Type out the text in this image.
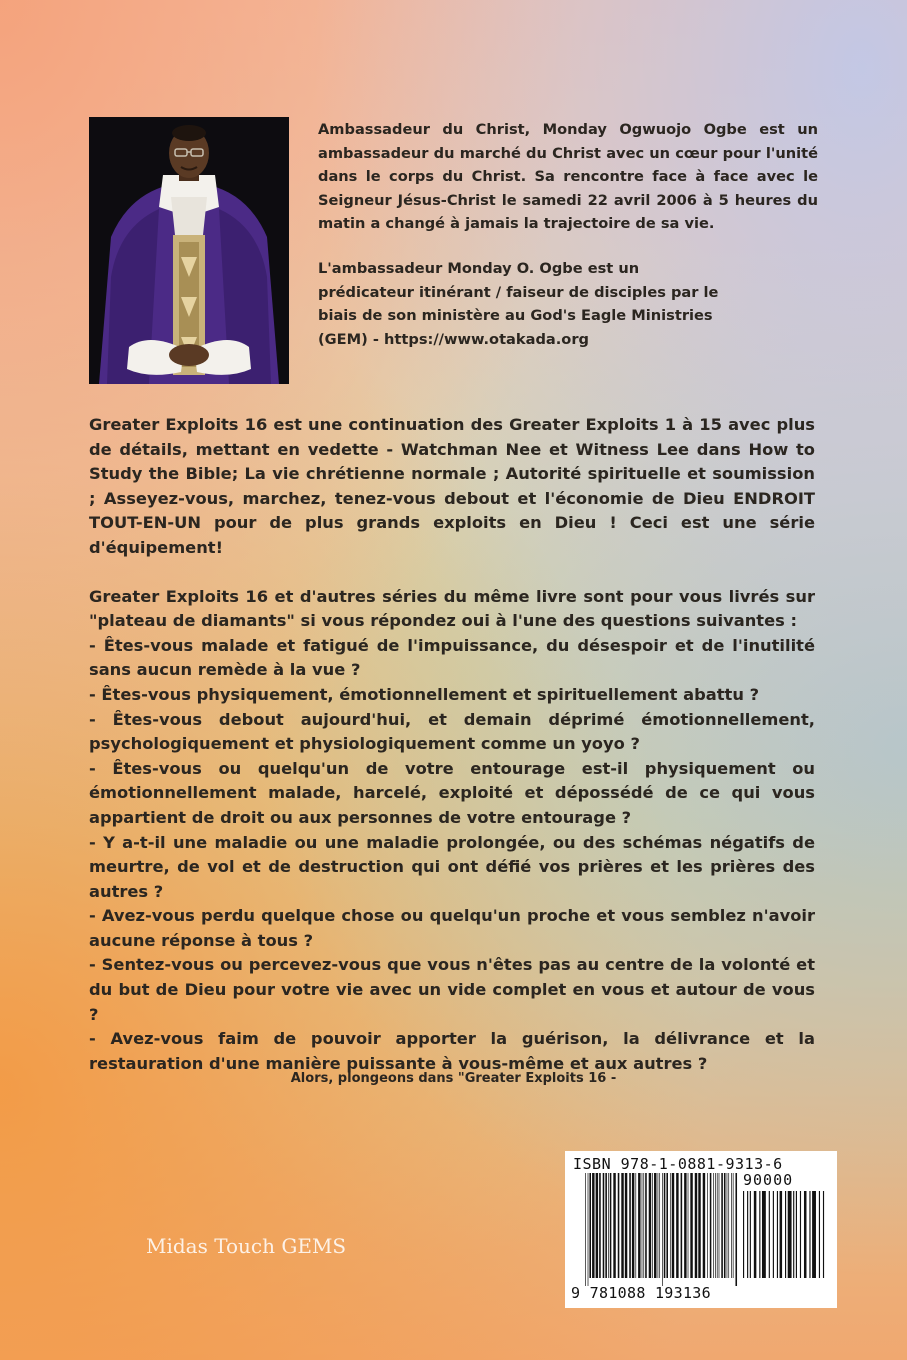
Ambassadeur du Christ, Monday Ogwuojo Ogbe est un ambassadeur du marché du Christ avec un cœur pour l'unité dans le corps du Christ. Sa rencontre face à face avec le Seigneur Jésus-Christ le samedi 22 avril 2006 à 5 heures du matin a changé à jamais la trajectoire de sa vie.

L'ambassadeur Monday O. Ogbe est un
prédicateur itinérant / faiseur de disciples par le
biais de son ministère au God's Eagle Ministries
(GEM) - https://www.otakada.org

Greater Exploits 16 est une continuation des Greater Exploits 1 à 15 avec plus de détails, mettant en vedette - Watchman Nee et Witness Lee dans How to Study the Bible; La vie chrétienne normale ; Autorité spirituelle et soumission ; Asseyez-vous, marchez, tenez-vous debout et l'économie de Dieu ENDROIT TOUT-EN-UN pour de plus grands exploits en Dieu ! Ceci est une série d'équipement!

Greater Exploits 16 et d'autres séries du même livre sont pour vous livrés sur "plateau de diamants" si vous répondez oui à l'une des questions suivantes :

- Êtes-vous malade et fatigué de l'impuissance, du désespoir et de l'inutilité sans aucun remède à la vue ?

- Êtes-vous physiquement, émotionnellement et spirituellement abattu ?

- Êtes-vous debout aujourd'hui, et demain déprimé émotionnellement, psychologiquement et physiologiquement comme un yoyo ?

- Êtes-vous ou quelqu'un de votre entourage est-il physiquement ou émotionnellement malade, harcelé, exploité et dépossédé de ce qui vous appartient de droit ou aux personnes de votre entourage ?

- Y a-t-il une maladie ou une maladie prolongée, ou des schémas négatifs de meurtre, de vol et de destruction qui ont défié vos prières et les prières des autres ?

- Avez-vous perdu quelque chose ou quelqu'un proche et vous semblez n'avoir aucune réponse à tous ?

- Sentez-vous ou percevez-vous que vous n'êtes pas au centre de la volonté et du but de Dieu pour votre vie avec un vide complet en vous et autour de vous ?

- Avez-vous faim de pouvoir apporter la guérison, la délivrance et la restauration d'une manière puissante à vous-même et aux autres ?

Alors, plongeons dans "Greater Exploits 16 -
Midas Touch GEMS
ISBN 978-1-0881-9313-6
90000
9 781088 193136
